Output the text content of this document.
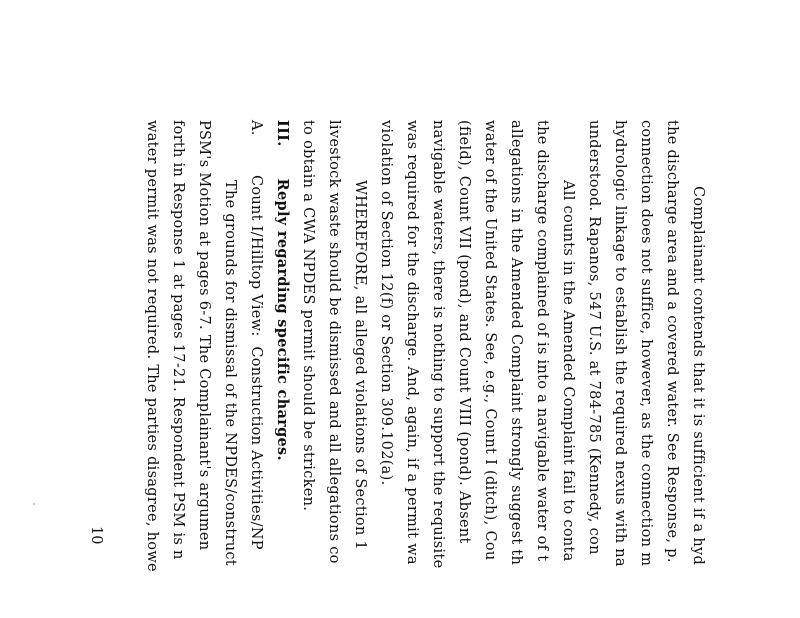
Complainant contends that it is sufficient if a hyd
the discharge area and a covered water. See Response, p.
connection does not suffice, however, as the connection m
hydrologic linkage to establish the required nexus with na
understood. Rapanos, 547 U.S. at 784-785 (Kennedy, con
All counts in the Amended Complaint fail to conta
the discharge complained of is into a navigable water of t
allegations in the Amended Complaint strongly suggest th
water of the United States. See, e.g., Count I (ditch), Cou
(field), Count VII (pond), and Count VIII (pond). Absent
navigable waters, there is nothing to support the requisite
was required for the discharge. And, again, if a permit wa
violation of Section 12(f) or Section 309.102(a).
WHEREFORE, all alleged violations of Section 1
livestock waste should be dismissed and all allegations co
to obtain a CWA NPDES permit should be stricken.
III.      Reply regarding specific charges.
A.        Count I/Hilltop View:  Construction Activities/NP
The grounds for dismissal of the NPDES/construct
PSM's Motion at pages 6-7. The Complainant's argumen
forth in Response 1 at pages 17-21. Respondent PSM is n
water permit was not required. The parties disagree, howe
10
